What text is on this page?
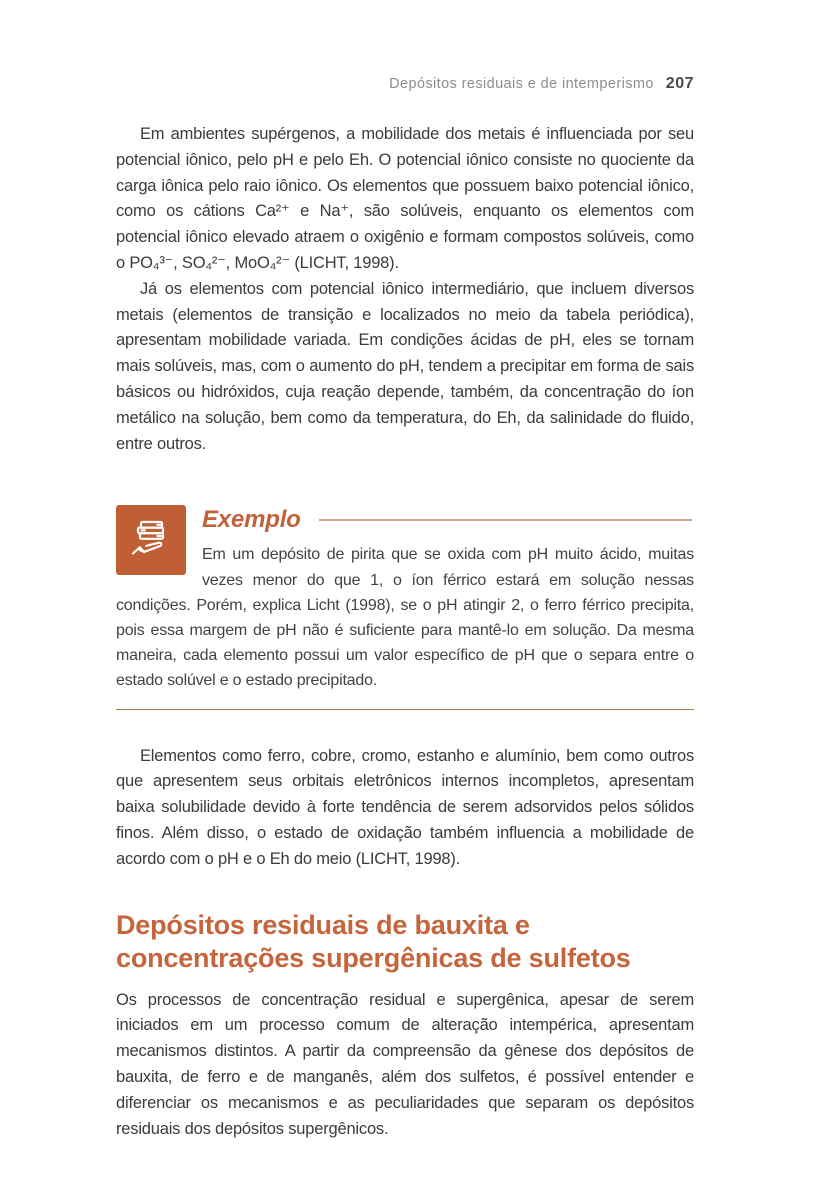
Depósitos residuais e de intemperismo 207

Em ambientes supérgenos, a mobilidade dos metais é influenciada por seu potencial iônico, pelo pH e pelo Eh. O potencial iônico consiste no quociente da carga iônica pelo raio iônico. Os elementos que possuem baixo potencial iônico, como os cátions Ca²⁺ e Na⁺, são solúveis, enquanto os elementos com potencial iônico elevado atraem o oxigênio e formam compostos solúveis, como o PO₄³⁻, SO₄²⁻, MoO₄²⁻ (LICHT, 1998).

Já os elementos com potencial iônico intermediário, que incluem diversos metais (elementos de transição e localizados no meio da tabela periódica), apresentam mobilidade variada. Em condições ácidas de pH, eles se tornam mais solúveis, mas, com o aumento do pH, tendem a precipitar em forma de sais básicos ou hidróxidos, cuja reação depende, também, da concentração do íon metálico na solução, bem como da temperatura, do Eh, da salinidade do fluido, entre outros.

Exemplo

Em um depósito de pirita que se oxida com pH muito ácido, muitas vezes menor do que 1, o íon férrico estará em solução nessas condições. Porém, explica Licht (1998), se o pH atingir 2, o ferro férrico precipita, pois essa margem de pH não é suficiente para mantê-lo em solução. Da mesma maneira, cada elemento possui um valor específico de pH que o separa entre o estado solúvel e o estado precipitado.

Elementos como ferro, cobre, cromo, estanho e alumínio, bem como outros que apresentem seus orbitais eletrônicos internos incompletos, apresentam baixa solubilidade devido à forte tendência de serem adsorvidos pelos sólidos finos. Além disso, o estado de oxidação também influencia a mobilidade de acordo com o pH e o Eh do meio (LICHT, 1998).

Depósitos residuais de bauxita e
concentrações supergênicas de sulfetos

Os processos de concentração residual e supergênica, apesar de serem iniciados em um processo comum de alteração intempérica, apresentam mecanismos distintos. A partir da compreensão da gênese dos depósitos de bauxita, de ferro e de manganês, além dos sulfetos, é possível entender e diferenciar os mecanismos e as peculiaridades que separam os depósitos residuais dos depósitos supergênicos.
